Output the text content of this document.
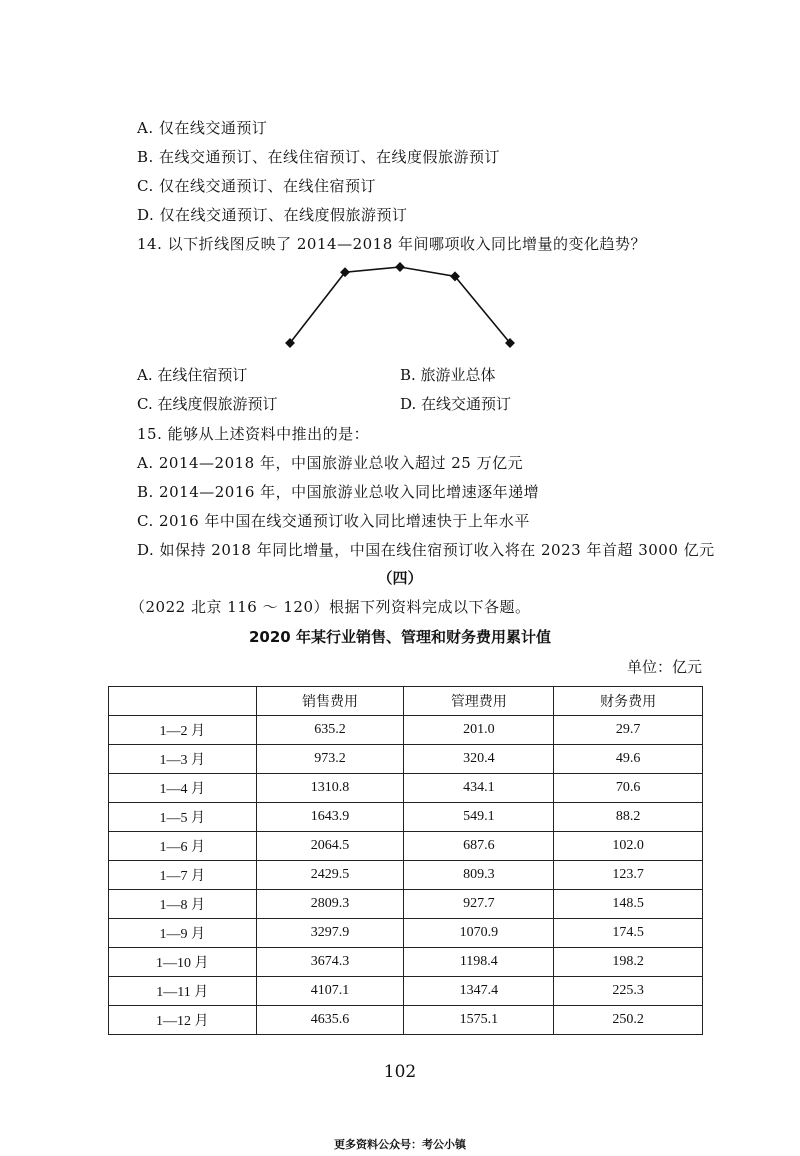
A. 仅在线交通预订
B. 在线交通预订、在线住宿预订、在线度假旅游预订
C. 仅在线交通预订、在线住宿预订
D. 仅在线交通预订、在线度假旅游预订
14. 以下折线图反映了 2014—2018 年间哪项收入同比增量的变化趋势？
A. 在线住宿预订	B. 旅游业总体
C. 在线度假旅游预订	D. 在线交通预订
15. 能够从上述资料中推出的是：
A. 2014—2018 年，中国旅游业总收入超过 25 万亿元
B. 2014—2016 年，中国旅游业总收入同比增速逐年递增
C. 2016 年中国在线交通预订收入同比增速快于上年水平
D. 如保持 2018 年同比增量，中国在线住宿预订收入将在 2023 年首超 3000 亿元
（四）
（2022 北京 116 ～ 120）根据下列资料完成以下各题。
2020 年某行业销售、管理和财务费用累计值
单位：亿元
	销售费用	管理费用	财务费用
1—2 月	635.2	201.0	29.7
1—3 月	973.2	320.4	49.6
1—4 月	1310.8	434.1	70.6
1—5 月	1643.9	549.1	88.2
1—6 月	2064.5	687.6	102.0
1—7 月	2429.5	809.3	123.7
1—8 月	2809.3	927.7	148.5
1—9 月	3297.9	1070.9	174.5
1—10 月	3674.3	1198.4	198.2
1—11 月	4107.1	1347.4	225.3
1—12 月	4635.6	1575.1	250.2
102
更多资料公众号：考公小镇
